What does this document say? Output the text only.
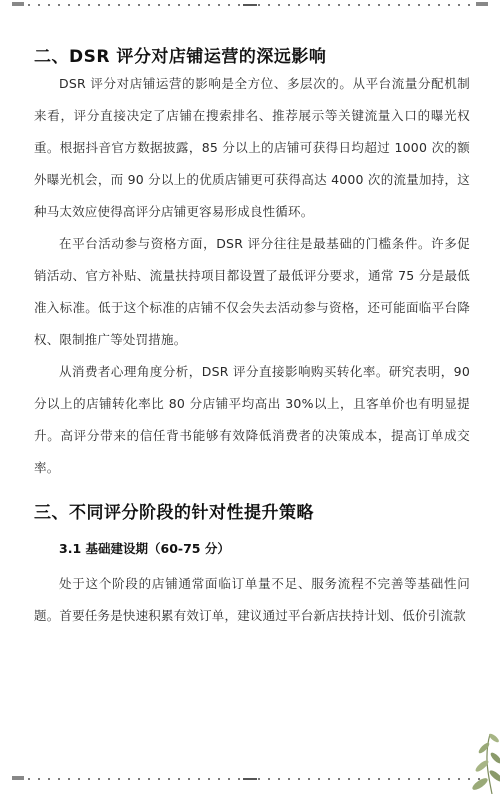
二、DSR 评分对店铺运营的深远影响

DSR 评分对店铺运营的影响是全方位、多层次的。从平台流量分配机制来看，评分直接决定了店铺在搜索排名、推荐展示等关键流量入口的曝光权重。根据抖音官方数据披露，85 分以上的店铺可获得日均超过 1000 次的额外曝光机会，而 90 分以上的优质店铺更可获得高达 4000 次的流量加持，这种马太效应使得高评分店铺更容易形成良性循环。

在平台活动参与资格方面，DSR 评分往往是最基础的门槛条件。许多促销活动、官方补贴、流量扶持项目都设置了最低评分要求，通常 75 分是最低准入标准。低于这个标准的店铺不仅会失去活动参与资格，还可能面临平台降权、限制推广等处罚措施。

从消费者心理角度分析，DSR 评分直接影响购买转化率。研究表明，90 分以上的店铺转化率比 80 分店铺平均高出 30%以上，且客单价也有明显提升。高评分带来的信任背书能够有效降低消费者的决策成本，提高订单成交率。

三、不同评分阶段的针对性提升策略
3.1 基础建设期（60-75 分）

处于这个阶段的店铺通常面临订单量不足、服务流程不完善等基础性问题。首要任务是快速积累有效订单，建议通过平台新店扶持计划、低价引流款
